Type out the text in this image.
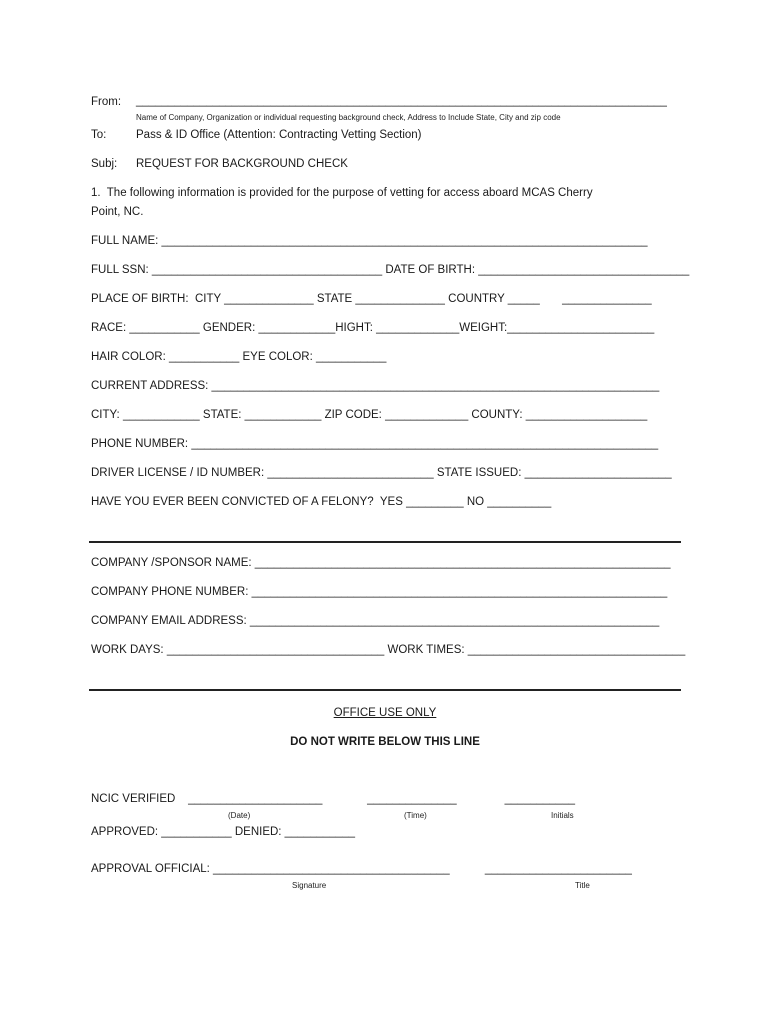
From: ___________________________________________________________________________________
Name of Company, Organization or individual requesting background check, Address to Include State, City and zip code
To:	Pass & ID Office (Attention: Contracting Vetting Section)
Subj: REQUEST FOR BACKGROUND CHECK
1.  The following information is provided for the purpose of vetting for access aboard MCAS Cherry
Point, NC.
FULL NAME: ____________________________________________________________________________
FULL SSN: ____________________________________ DATE OF BIRTH: _________________________________
PLACE OF BIRTH:  CITY ______________ STATE ______________ COUNTRY _____       ______________
RACE: ___________ GENDER: ____________HIGHT: _____________WEIGHT:_______________________
HAIR COLOR: ___________ EYE COLOR: ___________
CURRENT ADDRESS: ______________________________________________________________________
CITY: ____________ STATE: ____________ ZIP CODE: _____________ COUNTY: ___________________
PHONE NUMBER: _________________________________________________________________________
DRIVER LICENSE / ID NUMBER: __________________________ STATE ISSUED: _______________________
HAVE YOU EVER BEEN CONVICTED OF A FELONY?  YES _________ NO __________
COMPANY /SPONSOR NAME: _________________________________________________________________
COMPANY PHONE NUMBER: _________________________________________________________________
COMPANY EMAIL ADDRESS: ________________________________________________________________
WORK DAYS: __________________________________ WORK TIMES: __________________________________
OFFICE USE ONLY
DO NOT WRITE BELOW THIS LINE
NCIC VERIFIED    _____________________              ______________               ___________
(Date)	(Time)	Initials
APPROVED: ___________ DENIED: ___________
APPROVAL OFFICIAL: _____________________________________           _______________________
Signature	Title
